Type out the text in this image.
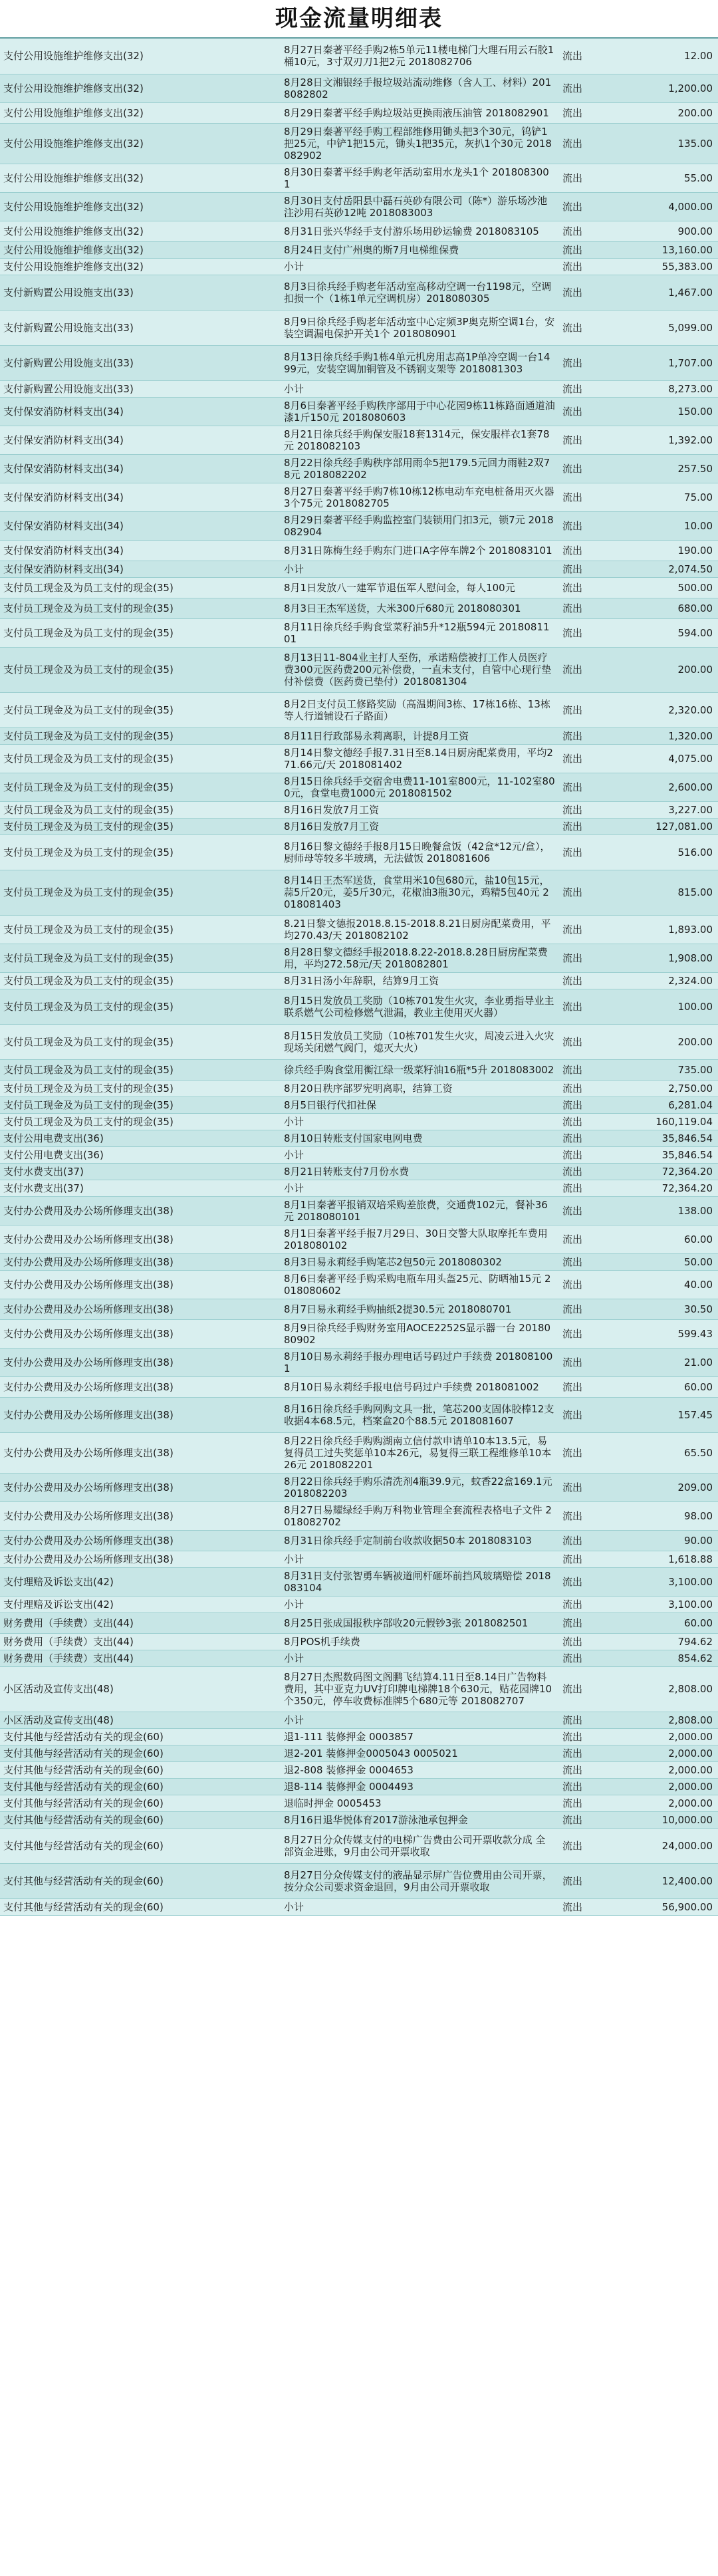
现金流量明细表
支付公用设施维护维修支出(32)	8月27日秦著平经手购2栋5单元11楼电梯门大理石用云石胶1桶10元，3寸双刃刀1把2元 2018082706	流出	12.00
支付公用设施维护维修支出(32)	8月28日文湘银经手报垃圾站流动维修（含人工、材料）2018082802	流出	1,200.00
支付公用设施维护维修支出(32)	8月29日秦著平经手购垃圾站更换雨液压油管 2018082901	流出	200.00
支付公用设施维护维修支出(32)	8月29日秦著平经手购工程部维修用锄头把3个30元，钨铲1把25元，中铲1把15元，锄头1把35元，灰扒1个30元 2018082902	流出	135.00
支付公用设施维护维修支出(32)	8月30日秦著平经手购老年活动室用水龙头1个 2018083001	流出	55.00
支付公用设施维护维修支出(32)	8月30日支付岳阳县中磊石英砂有限公司（陈*）游乐场沙池注沙用石英砂12吨 2018083003	流出	4,000.00
支付公用设施维护维修支出(32)	8月31日张兴华经手支付游乐场用砂运输费 2018083105	流出	900.00
支付公用设施维护维修支出(32)	8月24日支付广州奥的斯7月电梯维保费	流出	13,160.00
支付公用设施维护维修支出(32)	小计	流出	55,383.00
支付新购置公用设施支出(33)	8月3日徐兵经手购老年活动室高移动空调一台1198元，空调扣损一个（1栋1单元空调机房）2018080305	流出	1,467.00
支付新购置公用设施支出(33)	8月9日徐兵经手购老年活动室中心定频3P奥克斯空调1台，安装空调漏电保护开关1个 2018080901	流出	5,099.00
支付新购置公用设施支出(33)	8月13日徐兵经手购1栋4单元机房用志高1P单冷空调一台1499元，安装空调加铜管及不锈钢支架等 2018081303	流出	1,707.00
支付新购置公用设施支出(33)	小计	流出	8,273.00
支付保安消防材料支出(34)	8月6日秦著平经手购秩序部用于中心花园9栋11栋路面通道油漆1斤150元 2018080603	流出	150.00
支付保安消防材料支出(34)	8月21日徐兵经手购保安服18套1314元，保安服样衣1套78元 2018082103	流出	1,392.00
支付保安消防材料支出(34)	8月22日徐兵经手购秩序部用雨伞5把179.5元回力雨鞋2双78元 2018082202	流出	257.50
支付保安消防材料支出(34)	8月27日秦著平经手购7栋10栋12栋电动车充电桩备用灭火器3个75元 2018082705	流出	75.00
支付保安消防材料支出(34)	8月29日秦著平经手购监控室门装锁用门扣3元，锁7元 2018082904	流出	10.00
支付保安消防材料支出(34)	8月31日陈梅生经手购东门进口A字停车牌2个 2018083101	流出	190.00
支付保安消防材料支出(34)	小计	流出	2,074.50
支付员工现金及为员工支付的现金(35)	8月1日发放八一建军节退伍军人慰问金，每人100元	流出	500.00
支付员工现金及为员工支付的现金(35)	8月3日王杰军送货，大米300斤680元 2018080301	流出	680.00
支付员工现金及为员工支付的现金(35)	8月11日徐兵经手购食堂菜籽油5升*12瓶594元 2018081101	流出	594.00
支付员工现金及为员工支付的现金(35)	8月13日11-804业主打人至伤，承诺赔偿被打工作人员医疗费300元医药费200元补偿费，一直未支付，自管中心现行垫付补偿费（医药费已垫付）2018081304	流出	200.00
支付员工现金及为员工支付的现金(35)	8月2日支付员工修路奖励（高温期间3栋、17栋16栋、13栋等人行道铺设石子路面）	流出	2,320.00
支付员工现金及为员工支付的现金(35)	8月11日行政部易永莉离职，计提8月工资	流出	1,320.00
支付员工现金及为员工支付的现金(35)	8月14日黎文德经手报7.31日至8.14日厨房配菜费用，平均271.66元/天 2018081402	流出	4,075.00
支付员工现金及为员工支付的现金(35)	8月15日徐兵经手交宿舍电费11-101室800元，11-102室800元，食堂电费1000元 2018081502	流出	2,600.00
支付员工现金及为员工支付的现金(35)	8月16日发放7月工资	流出	3,227.00
支付员工现金及为员工支付的现金(35)	8月16日发放7月工资	流出	127,081.00
支付员工现金及为员工支付的现金(35)	8月16日黎文德经手报8月15日晚餐盒饭（42盒*12元/盒），厨师母等较多半玻璃，无法做饭 2018081606	流出	516.00
支付员工现金及为员工支付的现金(35)	8月14日王杰军送货，食堂用米10包680元，盐10包15元，蒜5斤20元，姜5斤30元，花椒油3瓶30元，鸡精5包40元 2018081403	流出	815.00
支付员工现金及为员工支付的现金(35)	8.21日黎文德报2018.8.15-2018.8.21日厨房配菜费用，平均270.43/天 2018082102	流出	1,893.00
支付员工现金及为员工支付的现金(35)	8月28日黎文德经手报2018.8.22-2018.8.28日厨房配菜费用，平均272.58元/天 2018082801	流出	1,908.00
支付员工现金及为员工支付的现金(35)	8月31日汤小年辞职，结算9月工资	流出	2,324.00
支付员工现金及为员工支付的现金(35)	8月15日发放员工奖励（10栋701发生火灾，李业勇指导业主联系燃气公司检修燃气泄漏，教业主使用灭火器）	流出	100.00
支付员工现金及为员工支付的现金(35)	8月15日发放员工奖励（10栋701发生火灾，周凌云进入火灾现场关闭燃气阀门，熄灭大火）	流出	200.00
支付员工现金及为员工支付的现金(35)	徐兵经手购食堂用衡江绿一级菜籽油16瓶*5升 2018083002	流出	735.00
支付员工现金及为员工支付的现金(35)	8月20日秩序部罗宪明离职，结算工资	流出	2,750.00
支付员工现金及为员工支付的现金(35)	8月5日银行代扣社保	流出	6,281.04
支付员工现金及为员工支付的现金(35)	小计	流出	160,119.04
支付公用电费支出(36)	8月10日转账支付国家电网电费	流出	35,846.54
支付公用电费支出(36)	小计	流出	35,846.54
支付水费支出(37)	8月21日转账支付7月份水费	流出	72,364.20
支付水费支出(37)	小计	流出	72,364.20
支付办公费用及办公场所修理支出(38)	8月1日秦著平报销双培采购差旅费，交通费102元，餐补36元 2018080101	流出	138.00
支付办公费用及办公场所修理支出(38)	8月1日秦著平经手报7月29日、30日交警大队取摩托车费用 2018080102	流出	60.00
支付办公费用及办公场所修理支出(38)	8月3日易永莉经手购笔芯2包50元 2018080302	流出	50.00
支付办公费用及办公场所修理支出(38)	8月6日秦著平经手购采购电瓶车用头盔25元、防晒袖15元 2018080602	流出	40.00
支付办公费用及办公场所修理支出(38)	8月7日易永莉经手购抽纸2提30.5元 2018080701	流出	30.50
支付办公费用及办公场所修理支出(38)	8月9日徐兵经手购财务室用AOCE2252S显示器一台 2018080902	流出	599.43
支付办公费用及办公场所修理支出(38)	8月10日易永莉经手报办理电话号码过户手续费 2018081001	流出	21.00
支付办公费用及办公场所修理支出(38)	8月10日易永莉经手报电信号码过户手续费 2018081002	流出	60.00
支付办公费用及办公场所修理支出(38)	8月16日徐兵经手购网购文具一批，笔芯200支固体胶棒12支收据4本68.5元，档案盒20个88.5元 2018081607	流出	157.45
支付办公费用及办公场所修理支出(38)	8月22日徐兵经手购购湖南立信付款申请单10本13.5元，易复得员工过失奖惩单10本26元，易复得三联工程维修单10本26元 2018082201	流出	65.50
支付办公费用及办公场所修理支出(38)	8月22日徐兵经手购乐清洗剂4瓶39.9元，蚊香22盒169.1元 2018082203	流出	209.00
支付办公费用及办公场所修理支出(38)	8月27日易耀绿经手购万科物业管理全套流程表格电子文件 2018082702	流出	98.00
支付办公费用及办公场所修理支出(38)	8月31日徐兵经手定制前台收款收据50本 2018083103	流出	90.00
支付办公费用及办公场所修理支出(38)	小计	流出	1,618.88
支付理赔及诉讼支出(42)	8月31日支付张智勇车辆被道闸杆砸坏前挡风玻璃赔偿 2018083104	流出	3,100.00
支付理赔及诉讼支出(42)	小计	流出	3,100.00
财务费用（手续费）支出(44)	8月25日张成国报秩序部收20元假钞3张 2018082501	流出	60.00
财务费用（手续费）支出(44)	8月POS机手续费	流出	794.62
财务费用（手续费）支出(44)	小计	流出	854.62
小区活动及宣传支出(48)	8月27日杰熙数码图文阁鹏飞结算4.11日至8.14日广告物料费用，其中亚克力UV打印牌电梯牌18个630元，贴花园牌10个350元，停车收费标准牌5个680元等 2018082707	流出	2,808.00
小区活动及宣传支出(48)	小计	流出	2,808.00
支付其他与经营活动有关的现金(60)	退1-111 装修押金 0003857	流出	2,000.00
支付其他与经营活动有关的现金(60)	退2-201 装修押金0005043 0005021	流出	2,000.00
支付其他与经营活动有关的现金(60)	退2-808 装修押金 0004653	流出	2,000.00
支付其他与经营活动有关的现金(60)	退8-114 装修押金 0004493	流出	2,000.00
支付其他与经营活动有关的现金(60)	退临时押金 0005453	流出	2,000.00
支付其他与经营活动有关的现金(60)	8月16日退华悦体育2017游泳池承包押金	流出	10,000.00
支付其他与经营活动有关的现金(60)	8月27日分众传媒支付的电梯广告费由公司开票收款分成 全部资金进账，9月由公司开票收取	流出	24,000.00
支付其他与经营活动有关的现金(60)	8月27日分众传媒支付的液晶显示屏广告位费用由公司开票，按分众公司要求资金退回，9月由公司开票收取	流出	12,400.00
支付其他与经营活动有关的现金(60)	小计	流出	56,900.00
